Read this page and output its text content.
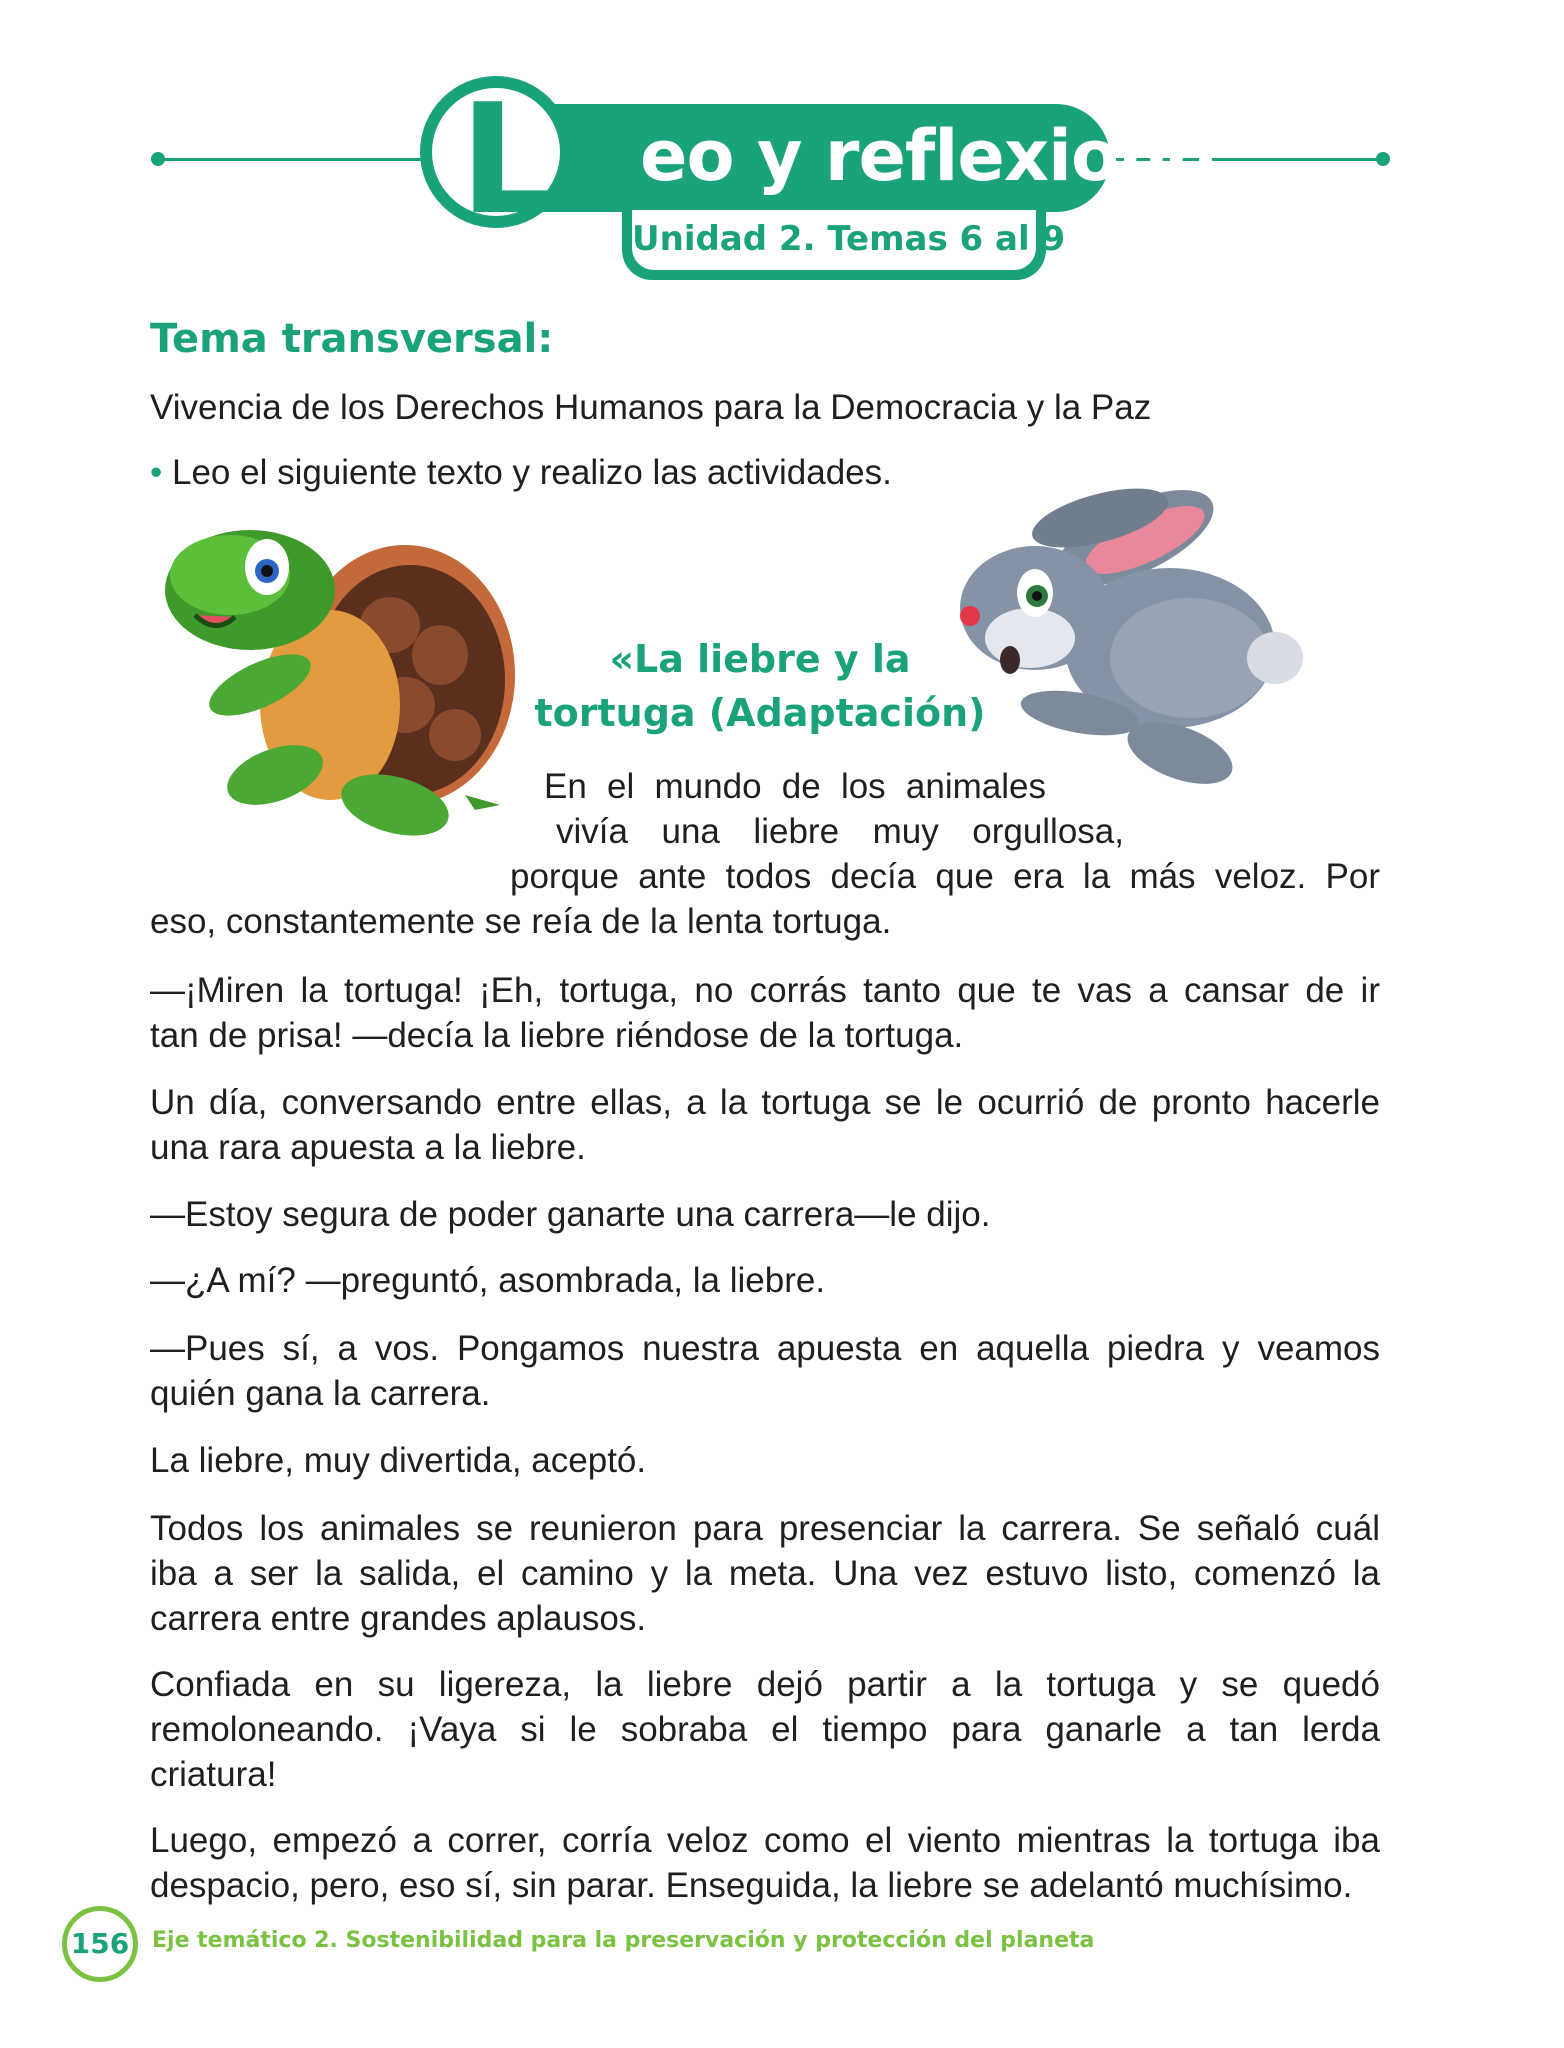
eo y reflexiono
L Unidad 2. Temas 6 al 9
Tema transversal:
Vivencia de los Derechos Humanos para la Democracia y la Paz
• Leo el siguiente texto y realizo las actividades.
«La liebre y la
tortuga (Adaptación)
En el mundo de los animales
vivía una liebre muy orgullosa,
porque ante todos decía que era la más veloz. Por
eso, constantemente se reía de la lenta tortuga.
—¡Miren la tortuga! ¡Eh, tortuga, no corrás tanto que te vas a cansar de ir
tan de prisa! —decía la liebre riéndose de la tortuga.
Un día, conversando entre ellas, a la tortuga se le ocurrió de pronto hacerle
una rara apuesta a la liebre.
—Estoy segura de poder ganarte una carrera—le dijo.
—¿A mí? —preguntó, asombrada, la liebre.
—Pues sí, a vos. Pongamos nuestra apuesta en aquella piedra y veamos
quién gana la carrera.
La liebre, muy divertida, aceptó.
Todos los animales se reunieron para presenciar la carrera. Se señaló cuál
iba a ser la salida, el camino y la meta. Una vez estuvo listo, comenzó la
carrera entre grandes aplausos.
Confiada en su ligereza, la liebre dejó partir a la tortuga y se quedó
remoloneando. ¡Vaya si le sobraba el tiempo para ganarle a tan lerda
criatura!
Luego, empezó a correr, corría veloz como el viento mientras la tortuga iba
despacio, pero, eso sí, sin parar. Enseguida, la liebre se adelantó muchísimo.
156	Eje temático 2. Sostenibilidad para la preservación y protección del planeta
